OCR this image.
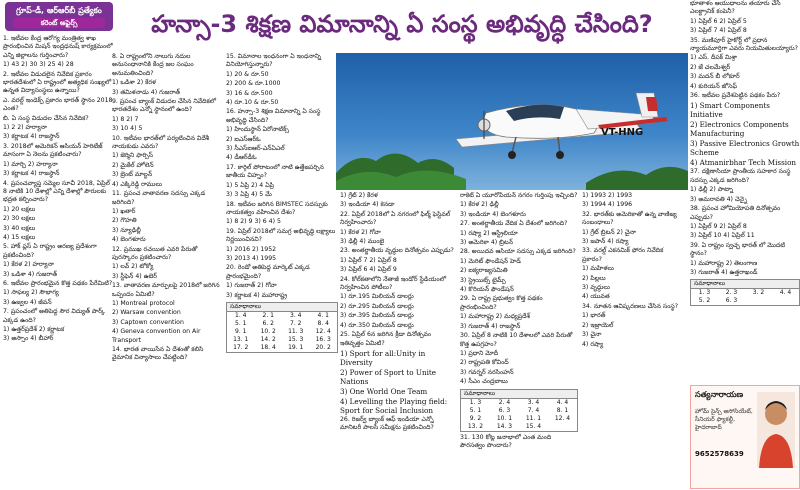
గ్రూప్-డీ, ఆర్‌ఆర్‌బీ ప్రత్యేకం
కరెంట్ అఫైర్స్

1. ఇటీవల కేంద్ర ఆరోగ్య మంత్రిత్వ శాఖ ప్రారంభించిన మిషన్ ఇంద్రధనుష్ కార్యక్రమంలో ఎన్ని జిల్లాలను గుర్తించారు?

1) 43 2) 30 3) 25 4) 28

2. ఇటీవల విడుదలైన నివేదిక ప్రకారం భారతదేశంలో ఏ రాష్ట్రంలో అత్యధిక సంఖ్యలో ఉన్నత విద్యాసంస్థలు ఉన్నాయి?

ఎ. వరల్డ్ ఇండెక్స్ ప్రకారం భారత్ స్థానం 2018 ఎంత?

బి. ఏ సంస్థ విడుదల చేసిన నివేదిక?

1) 2 2) హర్యానా

3) కర్ణాటక 4) రాజస్థాన్

3. 2018లో అమెరికన్ ఆసియన్ హెరిటేజ్ మాసంగా ఏ నెలను ప్రకటించారు?

1) మార్చి 2) హర్యానా

3) కర్ణాటక 4) రాజస్థాన్

4. ప్రపంచవ్యాప్త సమ్మెల సూచీ 2018, ఏప్రిల్ 8 నాటికి 10 దేశాల్లో ఎన్ని దేశాల్లో పౌరులకు భద్రత కల్పించారు?

1) 20 లక్షలు

2) 30 లక్షలు

3) 40 లక్షలు

4) 15 లక్షలు

5. హాక్ ప్లస్ ఏ రాష్ట్రం అరణ్య ప్రదేశంగా ప్రకటించింది?

1) కేరళ 2) హర్యానా

3) ఒడిశా 4) గుజరాత్

6. ఇటీవల ప్రారంభమైన కొత్త పథకం పేరేమిటి?

1) సాఫల్య 2) సౌభాగ్య

3) ఉజ్వల 4) జీవన్

7. ప్రపంచంలో అతిపెద్ద సౌర విద్యుత్ పార్క్ ఎక్కడ ఉంది?

1) ఉత్తర్‌ప్రదేశ్ 2) కర్ణాటక

3) అస్సాం 4) బీహార్

హన్సా-3 శిక్షణ విమానాన్ని ఏ సంస్థ అభివృద్ధి చేసింది?

8. ఏ రాష్ట్రంలోని నాలుగు నదుల అనుసంధానానికి కేంద్ర జల సంఘం అనుమతించింది?

1) ఒడిశా 2) కేరళ

3) తమిళనాడు 4) గుజరాత్

9. ప్రపంచ బ్యాంక్ విడుదల చేసిన నివేదికలో భారతదేశం ఎన్నో స్థానంలో ఉంది?

1) 8 2) 7

3) 10 4) 5

10. ఇటీవల భారత్‌లో పర్యటించిన విదేశీ నాయకుడు ఎవరు?

1) జెర్మిని ఫార్సిస్

2) మైకేల్ హోలెన్

3) బ్రెంట్ మాల్టన్

4) ఎక్కిరెడ్డి రాములు

11. ప్రపంచ వాతావరణ సదస్సు ఎక్కడ జరిగింది?

1) ఖతార్

2) గౌహతి

3) న్యూఢిల్లీ

4) బెంగళూరు

12. ప్రముఖ రచయిత ఎవరి పేరుతో పురస్కారం ప్రకటించారు?

1) లవ్ 2) టోక్యో

3) స్టీఫెన్ 4) ఉబెర్

13. వాతావరణ మార్పులపై 2018లో జరిగిన ఒప్పందం ఏమిటి?

1) Montreal protocol

2) Warsaw convention

3) Captown convention

4) Geneva convention on Air Transport

14. భారత వాయిసేన ఏ దేశంతో కలిసి వైమానిక విన్యాసాలు చేపట్టింది?

15. విమానాల ఇంధనంగా ఏ ఇంధనాన్ని వినియోగిస్తున్నారు?

1) 20 & రూ.50

2) 200 & రూ.1000

3) 16 & రూ.500

4) రూ.10 & రూ.50

16. హన్సా-3 శిక్షణ విమానాన్ని ఏ సంస్థ అభివృద్ధి చేసింది?

1) హిందుస్థాన్ ఏరోనాటిక్స్

2) ఐఎస్ఆర్‌ఓ

3) సీఎస్ఐఆర్-ఎన్ఏఎల్

4) డీఆర్‌డీఓ

17. కార్గిల్ పోరాటంలో నాటి ఉత్తేజపర్చిన జాతీయ చిహ్నం?

1) 5 ఏప్రి 2) 4 ఏప్రి

3) 3 ఏప్రి 4) 5 మే

18. ఇటీవల జరిగిన BIMSTEC సదస్సుకు నాయకత్వం వహించిన దేశం?

1) 8 2) 9 3) 6 4) 5

19. ఏప్రిల్ 2018లో సమగ్ర అభివృద్ధి లక్ష్యాలు నిర్ణయించినవి?

1) 2016 2) 1952

3) 2013 4) 1995

20. రెండో అతిపెద్ద మార్కెట్ ఎక్కడ ప్రారంభమైంది?

1) గుజరాత్ 2) గోవా

3) కర్ణాటక 4) మహారాష్ట్ర

సమాధానాలు
1. 4	2. 1	3. 4	4. 1
5. 1	6. 2	7. 2	8. 4
9. 1	10. 2	11. 3	12. 4
13. 1	14. 2	15. 3	16. 3
17. 2	18. 4	19. 1	20. 2
VT-HNG

1) గ్రేట్ 2) కేరళ

3) ఇండియా 4) కెనడా

22. ఏప్రిల్ 2018లో ఏ నగరంలో ఫిల్మ్ ఫెస్టివల్ నిర్వహించారు?

1) కేరళ 2) గోవా

3) ఢిల్లీ 4) ముంబై

23. అంతర్జాతీయ వృద్ధుల దినోత్సవం ఎప్పుడు?

1) ఏప్రిల్ 7 2) ఏప్రిల్ 8

3) ఏప్రిల్ 6 4) ఏప్రిల్ 9

24. కోల్‌కతాలోని నేతాజీ ఇండోర్ స్టేడియంలో నిర్వహించిన పోటీలు?

1) రూ.195 మిలియన్ డాలర్లు

2) రూ.295 మిలియన్ డాలర్లు

3) రూ.395 మిలియన్ డాలర్లు

4) రూ.350 మిలియన్ డాలర్లు

25. ఏప్రిల్ 6న జరిగిన క్రీడా దినోత్సవం ఇతివృత్తం ఏమిటి?

1) Sport for all:Unity in Diversity

2) Power of Sport to Unite Nations

3) One World One Team

4) Levelling the Playing field: Sport for Social Inclusion

26. రిజర్వ్ బ్యాంక్ ఆఫ్ ఇండియా ఎన్నో మానిటరీ పాలసీ సమీక్షను ప్రకటించింది?

రాకెట్ ఏ యూరోపియన్ నగరం గుర్తింపు ఇచ్చింది?

1) కేరళ 2) ఢిల్లీ

3) ఇండియా 4) బెంగళూరు

27. అంతర్జాతీయ వేదిక ఏ దేశంలో జరిగింది?

1) రష్యా 2) ఆస్ట్రేలియా

3) అమెరికా 4) బ్రిటన్

28. అయిదవ ఆసియా సదస్సు ఎక్కడ జరిగింది?

1) మెరిట్ ఫౌండేషన్ హెడ్

2) ఐక్యరాజ్యసమితి

3) స్ట్రెయిట్స్ టైమ్స్

4) కొరియన్ ఫౌండేషన్

29. ఏ రాష్ట్ర ప్రభుత్వం కొత్త పథకం ప్రారంభించింది?

1) మహారాష్ట్ర 2) మధ్యప్రదేశ్

3) గుజరాత్ 4) రాజస్థాన్

30. ఏప్రిల్ 8 నాటికి 10 దేశాలలో ఎవరి పేరుతో కొత్త ఉపగ్రహం?

1) ప్రధాని మోదీ

2) రాష్ట్రపతి కోవింద్

3) గవర్నర్ నరసింహన్

4) సీఎం చంద్రబాబు

సమాధానాలు
1. 3	2. 4	3. 4	4. 4
5. 1	6. 3	7. 4	8. 1
9. 2	10. 1	11. 1	12. 4
13. 2	14. 3	15. 4	

31. 130 కోట్ల జనాభాలో ఎంత మంది పౌరసత్వం పొందారు?

1) 1993 2) 1993

3) 1994 4) 1996

32. భారత్‌కు అమెరికాతో ఉన్న వాణిజ్య సంబంధాలు?

1) గ్రేట్ బ్రిటన్ 2) చైనా

3) జపాన్ 4) రష్యా

33. వరల్డ్ ఎకనమిక్ ఫోరం నివేదిక ప్రకారం?

1) మహిళలు

2) పిల్లలు

3) వృద్ధులు

4) యువత

34. నూతన ఆవిష్కరణలు చేసిన సంస్థ?

1) భారత్

2) ఇజ్రాయెల్

3) చైనా

4) రష్యా

భూతాళం ఆయుధాలను తయారు చేసే ఎలక్ట్రానిక్ కంపెనీ?

1) ఏప్రిల్ 6 2) ఏప్రిల్ 5

3) ఏప్రిల్ 7 4) ఏప్రిల్ 8

35. మణిపూర్ హైకోర్ట్ లో ప్రధాన న్యాయమూర్తిగా ఎవరు నియమితులయ్యారు?

1) ఎస్. దీపక్ మిశ్రా

2) జే చలమేశ్వర్

3) మదన్ బీ లోకూర్

4) కురియన్ జోసెఫ్

36. ఇటీవల ప్రవేశపెట్టిన పథకం పేరు?

1) Smart Components Initiative

2) Electronics Components Manufacturing

3) Passive Electronics Growth Scheme

4) Atmanirbhar Tech Mission

37. దక్షిణాసియా ప్రాంతీయ సహకార సంస్థ సదస్సు ఎక్కడ జరిగింది?

1) ఢిల్లీ 2) పాట్నా

3) అమరావతి 4) చెన్నై

38. ప్రపంచ హోమియోపతి దినోత్సవం ఎప్పుడు?

1) ఏప్రిల్ 9 2) ఏప్రిల్ 8

3) ఏప్రిల్ 10 4) ఏప్రిల్ 11

39. ఏ రాష్ట్రం స్వచ్ఛ భారత్ లో మొదటి స్థానం?

1) మహారాష్ట్ర 2) తెలంగాణ

3) గుజరాత్ 4) ఉత్తరాఖండ్

సమాధానాలు
1. 3	2. 3	3. 2	4. 4
5. 2	6. 3		
సత్యనారాయణ
హోమ్ సైన్స్ అసోసియేట్, సీనియర్ ఫ్యాకల్టీ, హైదరాబాద్
9652578639
